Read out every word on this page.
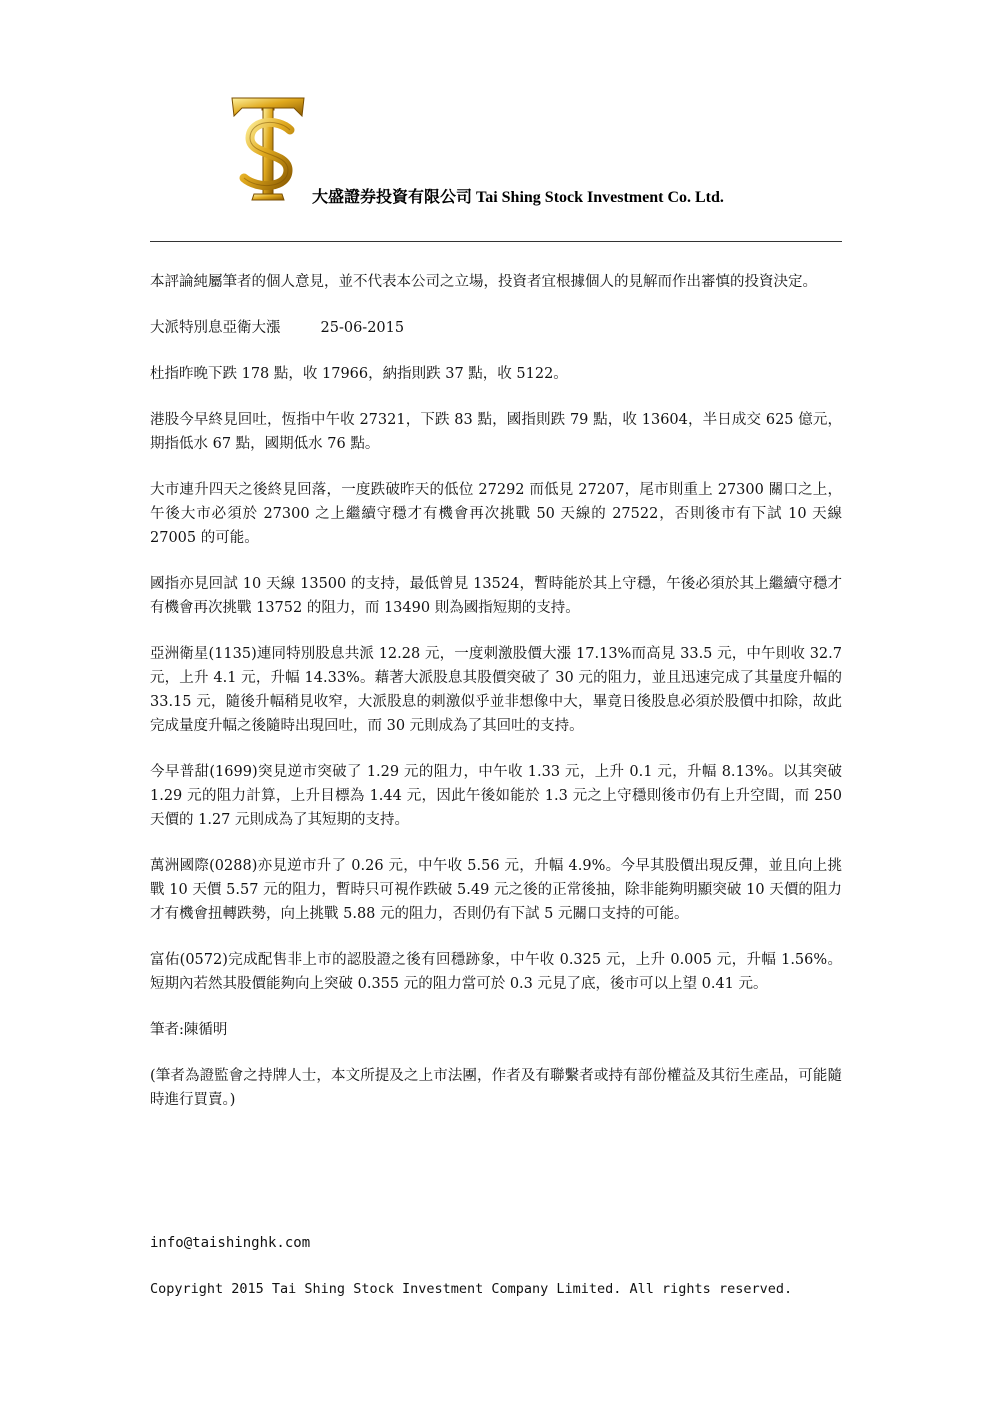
大盛證券投資有限公司 Tai Shing Stock Investment Co. Ltd.

本評論純屬筆者的個人意見，並不代表本公司之立場，投資者宜根據個人的見解而作出審慎的投資決定。

大派特別息亞衛大漲	25-06-2015

杜指昨晚下跌 178 點，收 17966，納指則跌 37 點，收 5122。

港股今早終見回吐，恆指中午收 27321，下跌 83 點，國指則跌 79 點，收 13604，半日成交 625 億元，期指低水 67 點，國期低水 76 點。

大市連升四天之後終見回落，一度跌破昨天的低位 27292 而低見 27207，尾市則重上 27300 關口之上，午後大市必須於 27300 之上繼續守穩才有機會再次挑戰 50 天線的 27522，否則後市有下試 10 天線 27005 的可能。

國指亦見回試 10 天線 13500 的支持，最低曾見 13524，暫時能於其上守穩，午後必須於其上繼續守穩才有機會再次挑戰 13752 的阻力，而 13490 則為國指短期的支持。

亞洲衛星(1135)連同特別股息共派 12.28 元，一度刺激股價大漲 17.13%而高見 33.5 元，中午則收 32.7 元，上升 4.1 元，升幅 14.33%。藉著大派股息其股價突破了 30 元的阻力，並且迅速完成了其量度升幅的 33.15 元，隨後升幅稍見收窄，大派股息的刺激似乎並非想像中大，畢竟日後股息必須於股價中扣除，故此完成量度升幅之後隨時出現回吐，而 30 元則成為了其回吐的支持。

今早普甜(1699)突見逆市突破了 1.29 元的阻力，中午收 1.33 元，上升 0.1 元，升幅 8.13%。以其突破 1.29 元的阻力計算，上升目標為 1.44 元，因此午後如能於 1.3 元之上守穩則後市仍有上升空間，而 250 天價的 1.27 元則成為了其短期的支持。

萬洲國際(0288)亦見逆市升了 0.26 元，中午收 5.56 元，升幅 4.9%。今早其股價出現反彈，並且向上挑戰 10 天價 5.57 元的阻力，暫時只可視作跌破 5.49 元之後的正常後抽，除非能夠明顯突破 10 天價的阻力才有機會扭轉跌勢，向上挑戰 5.88 元的阻力，否則仍有下試 5 元關口支持的可能。

富佑(0572)完成配售非上市的認股證之後有回穩跡象，中午收 0.325 元，上升 0.005 元，升幅 1.56%。短期內若然其股價能夠向上突破 0.355 元的阻力當可於 0.3 元見了底，後市可以上望 0.41 元。

筆者:陳循明

(筆者為證監會之持牌人士，本文所提及之上市法團，作者及有聯繫者或持有部份權益及其衍生產品，可能隨時進行買賣。)

info@taishinghk.com
Copyright 2015 Tai Shing Stock Investment Company Limited. All rights reserved.
